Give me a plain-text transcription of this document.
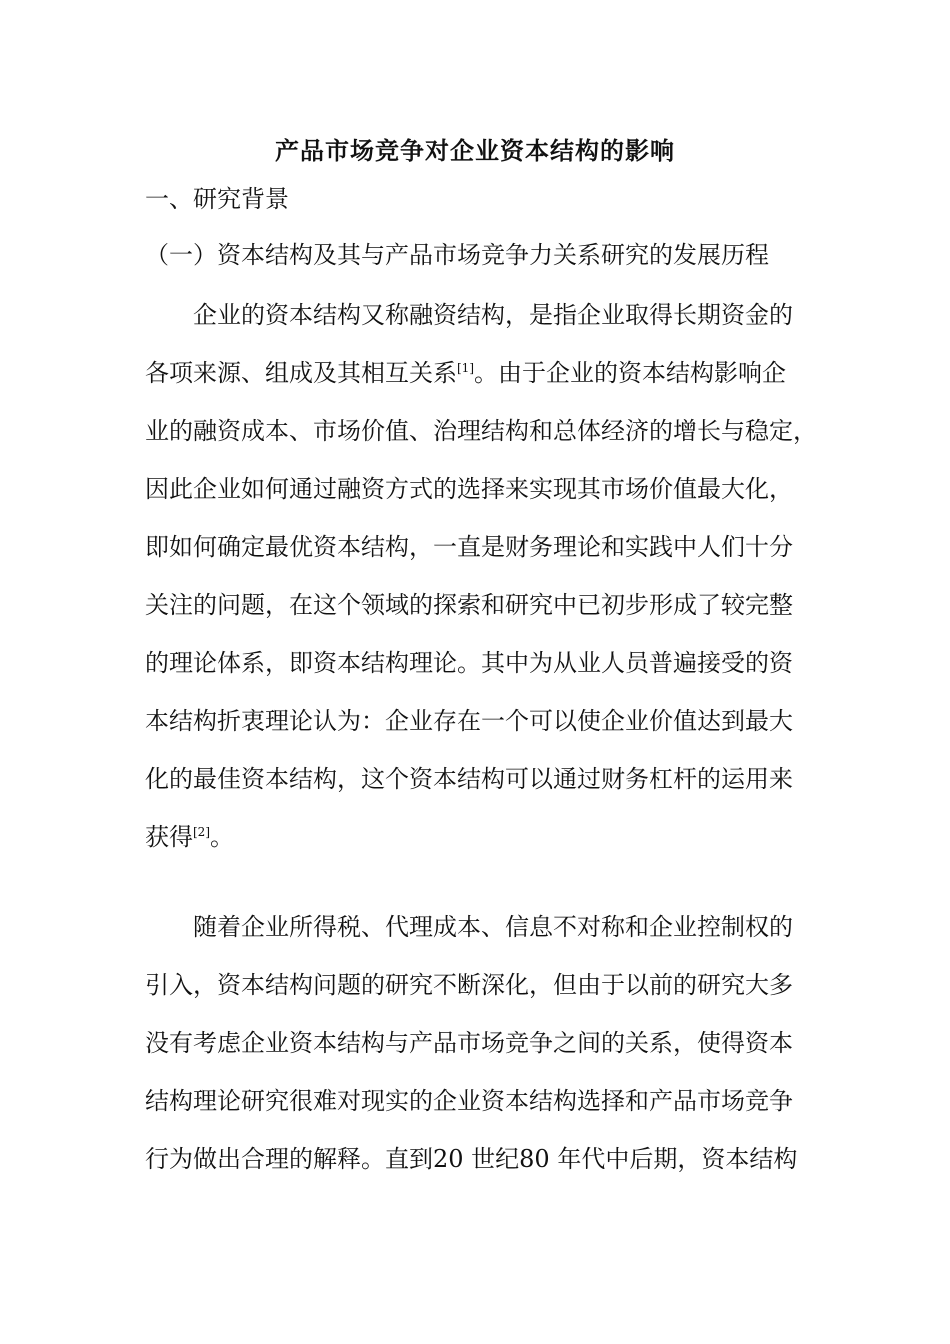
产品市场竞争对企业资本结构的影响
一、研究背景
（一）资本结构及其与产品市场竞争力关系研究的发展历程
企业的资本结构又称融资结构，是指企业取得长期资金的
各项来源、组成及其相互关系[1]。由于企业的资本结构影响企
业的融资成本、市场价值、治理结构和总体经济的增长与稳定，
因此企业如何通过融资方式的选择来实现其市场价值最大化，
即如何确定最优资本结构，一直是财务理论和实践中人们十分
关注的问题，在这个领域的探索和研究中已初步形成了较完整
的理论体系，即资本结构理论。其中为从业人员普遍接受的资
本结构折衷理论认为：企业存在一个可以使企业价值达到最大
化的最佳资本结构，这个资本结构可以通过财务杠杆的运用来
获得[2]。
随着企业所得税、代理成本、信息不对称和企业控制权的
引入，资本结构问题的研究不断深化，但由于以前的研究大多
没有考虑企业资本结构与产品市场竞争之间的关系，使得资本
结构理论研究很难对现实的企业资本结构选择和产品市场竞争
行为做出合理的解释。直到20 世纪80 年代中后期，资本结构
